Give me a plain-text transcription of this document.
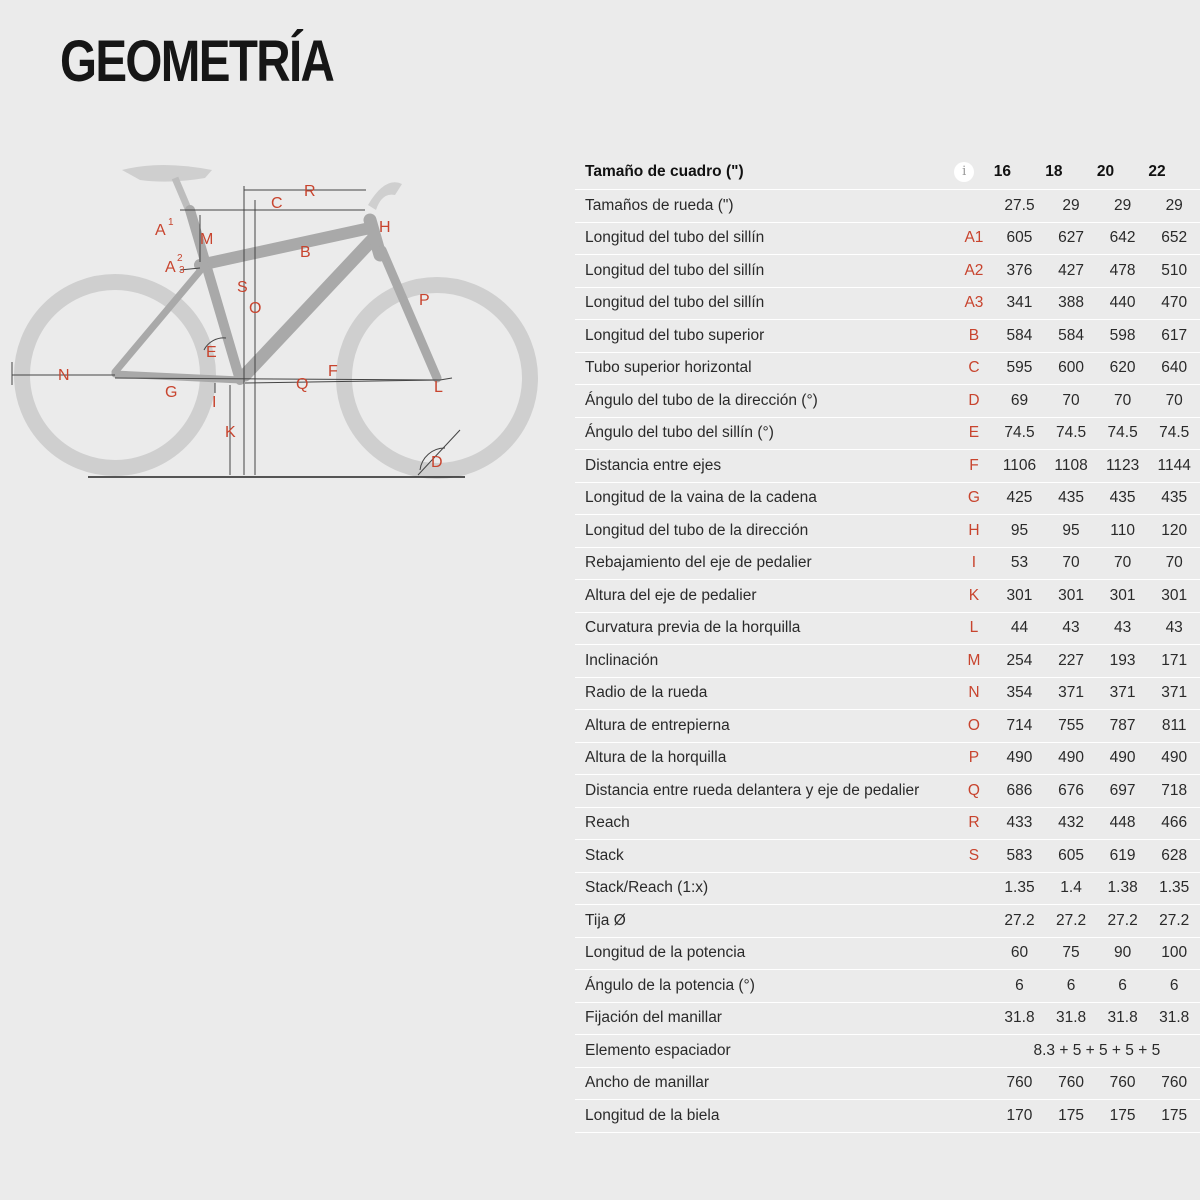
GEOMETRÍA
A 1
A
2
3
M
C
R
H
B
S
O	P
E
N
Q
F
L
G
I
K
D
Tamaño de cuadro (")	i	16	18	20	22
Tamaños de rueda (")		27.5	29	29	29
Longitud del tubo del sillín	A1	605	627	642	652
Longitud del tubo del sillín	A2	376	427	478	510
Longitud del tubo del sillín	A3	341	388	440	470
Longitud del tubo superior	B	584	584	598	617
Tubo superior horizontal	C	595	600	620	640
Ángulo del tubo de la dirección (°)	D	69	70	70	70
Ángulo del tubo del sillín (°)	E	74.5	74.5	74.5	74.5
Distancia entre ejes	F	1106	1108	1123	1144
Longitud de la vaina de la cadena	G	425	435	435	435
Longitud del tubo de la dirección	H	95	95	110	120
Rebajamiento del eje de pedalier	I	53	70	70	70
Altura del eje de pedalier	K	301	301	301	301
Curvatura previa de la horquilla	L	44	43	43	43
Inclinación	M	254	227	193	171
Radio de la rueda	N	354	371	371	371
Altura de entrepierna	O	714	755	787	811
Altura de la horquilla	P	490	490	490	490
Distancia entre rueda delantera y eje de pedalier	Q	686	676	697	718
Reach	R	433	432	448	466
Stack	S	583	605	619	628
Stack/Reach (1:x)		1.35	1.4	1.38	1.35
Tija Ø		27.2	27.2	27.2	27.2
Longitud de la potencia		60	75	90	100
Ángulo de la potencia (°)		6	6	6	6
Fijación del manillar		31.8	31.8	31.8	31.8
Elemento espaciador		8.3 + 5 + 5 + 5 + 5			
Ancho de manillar		760	760	760	760
Longitud de la biela		170	175	175	175
